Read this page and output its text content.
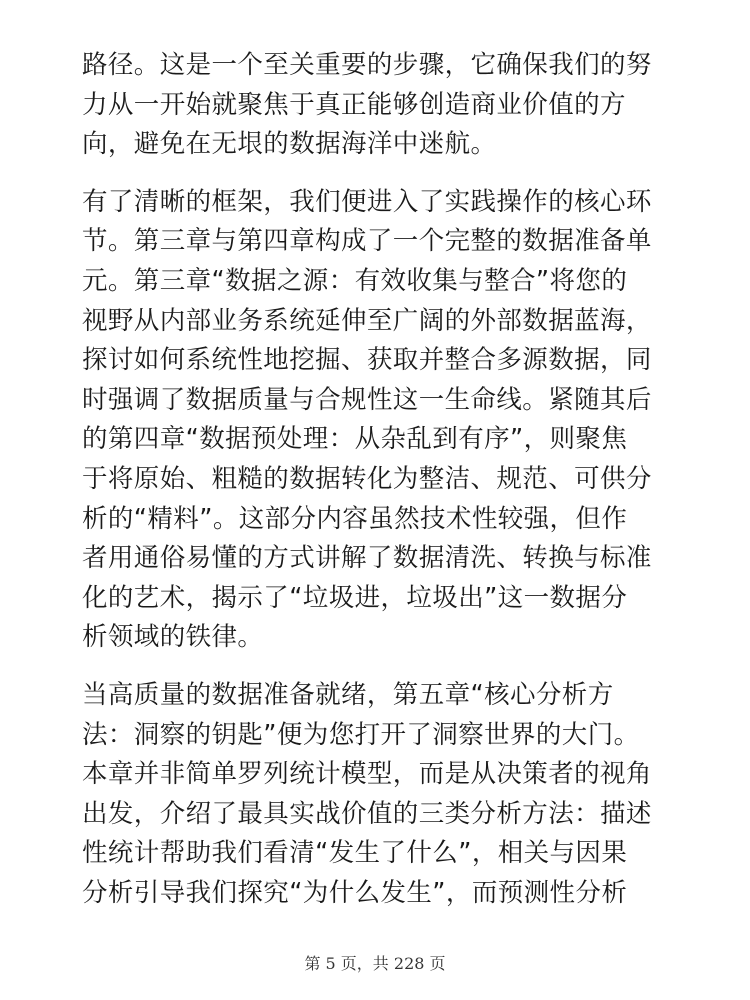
路径。这是一个至关重要的步骤，它确保我们的努
力从一开始就聚焦于真正能够创造商业价值的方
向，避免在无垠的数据海洋中迷航。

有了清晰的框架，我们便进入了实践操作的核心环
节。第三章与第四章构成了一个完整的数据准备单
元。第三章“数据之源：有效收集与整合”将您的
视野从内部业务系统延伸至广阔的外部数据蓝海，
探讨如何系统性地挖掘、获取并整合多源数据，同
时强调了数据质量与合规性这一生命线。紧随其后
的第四章“数据预处理：从杂乱到有序”，则聚焦
于将原始、粗糙的数据转化为整洁、规范、可供分
析的“精料”。这部分内容虽然技术性较强，但作
者用通俗易懂的方式讲解了数据清洗、转换与标准
化的艺术，揭示了“垃圾进，垃圾出”这一数据分
析领域的铁律。

当高质量的数据准备就绪，第五章“核心分析方
法：洞察的钥匙”便为您打开了洞察世界的大门。
本章并非简单罗列统计模型，而是从决策者的视角
出发，介绍了最具实战价值的三类分析方法：描述
性统计帮助我们看清“发生了什么”，相关与因果
分析引导我们探究“为什么发生”，而预测性分析

第 5 页，共 228 页
